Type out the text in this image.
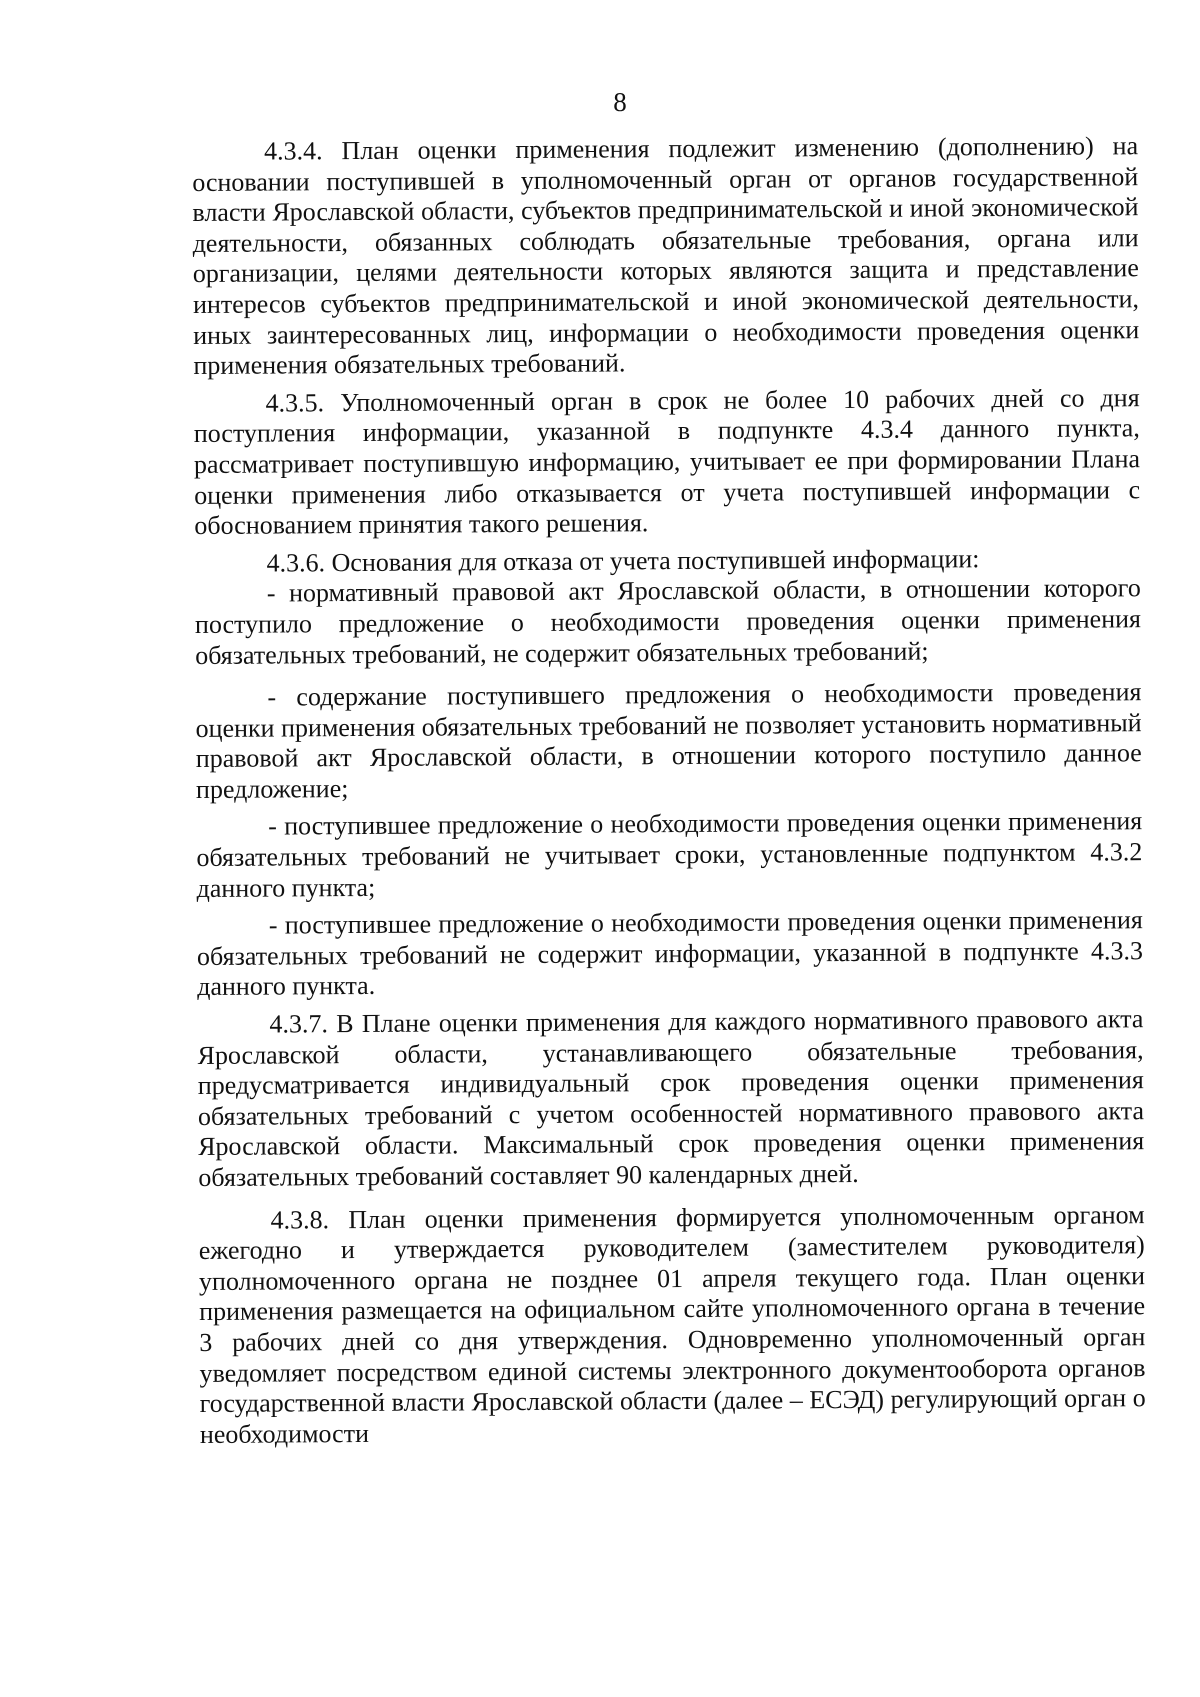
8

4.3.4. План оценки применения подлежит изменению (дополнению) на основании поступившей в уполномоченный орган от органов государственной власти Ярославской области, субъектов предпринимательской и иной экономической деятельности, обязанных соблюдать обязательные требования, органа или организации, целями деятельности которых являются защита и представление интересов субъектов предпринимательской и иной экономической деятельности, иных заинтересованных лиц, информации о необходимости проведения оценки применения обязательных требований.

4.3.5. Уполномоченный орган в срок не более 10 рабочих дней со дня поступления информации, указанной в подпункте 4.3.4 данного пункта, рассматривает поступившую информацию, учитывает ее при формировании Плана оценки применения либо отказывается от учета поступившей информации с обоснованием принятия такого решения.

4.3.6. Основания для отказа от учета поступившей информации:

- нормативный правовой акт Ярославской области, в отношении которого поступило предложение о необходимости проведения оценки применения обязательных требований, не содержит обязательных требований;

- содержание поступившего предложения о необходимости проведения оценки применения обязательных требований не позволяет установить нормативный правовой акт Ярославской области, в отношении которого поступило данное предложение;

- поступившее предложение о необходимости проведения оценки применения обязательных требований не учитывает сроки, установленные подпунктом 4.3.2 данного пункта;

- поступившее предложение о необходимости проведения оценки применения обязательных требований не содержит информации, указанной в подпункте 4.3.3 данного пункта.

4.3.7. В Плане оценки применения для каждого нормативного правового акта Ярославской области, устанавливающего обязательные требования, предусматривается индивидуальный срок проведения оценки применения обязательных требований с учетом особенностей нормативного правового акта Ярославской области. Максимальный срок проведения оценки применения обязательных требований составляет 90 календарных дней.

4.3.8. План оценки применения формируется уполномоченным органом ежегодно и утверждается руководителем (заместителем руководителя) уполномоченного органа не позднее 01 апреля текущего года. План оценки применения размещается на официальном сайте уполномоченного органа в течение 3 рабочих дней со дня утверждения. Одновременно уполномоченный орган уведомляет посредством единой системы электронного документооборота органов государственной власти Ярославской области (далее – ЕСЭД) регулирующий орган о необходимости
